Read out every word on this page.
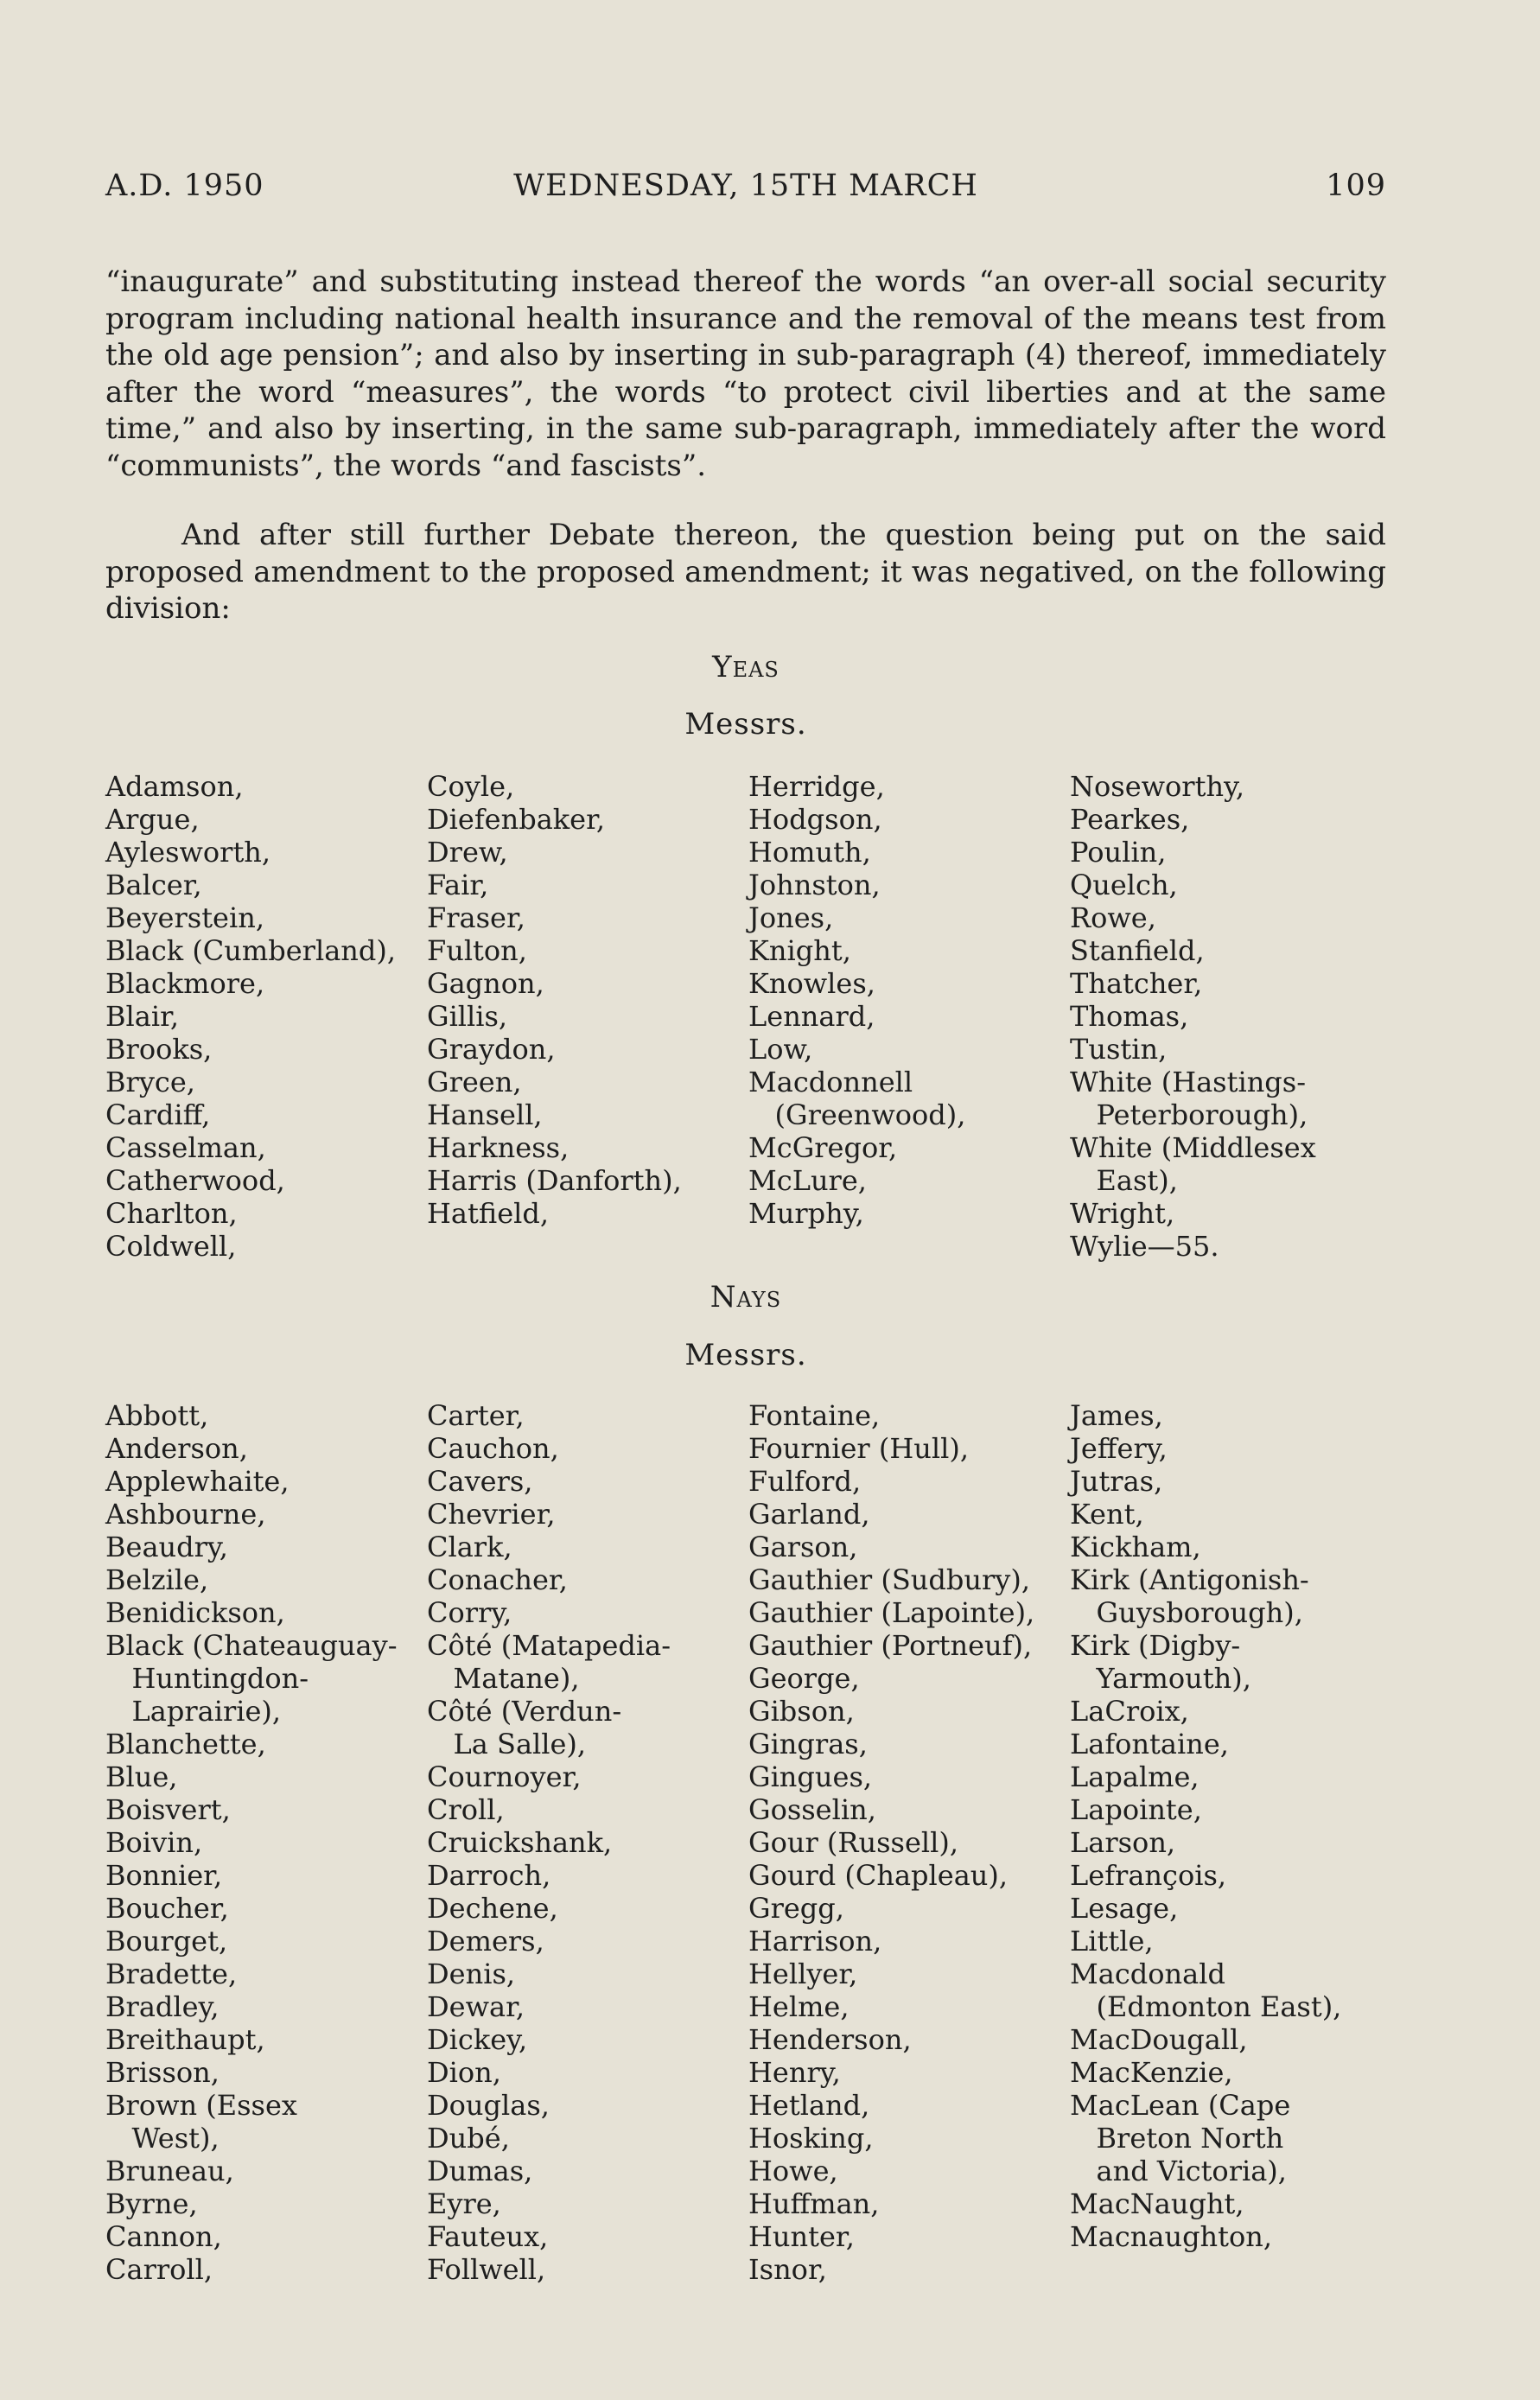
A.D. 1950	WEDNESDAY, 15TH MARCH	109

“inaugurate” and substituting instead thereof the words “an over-all social security program including national health insurance and the removal of the means test from the old age pension”; and also by inserting in sub-paragraph (4) thereof, immediately after the word “measures”, the words “to protect civil liberties and at the same time,” and also by inserting, in the same sub-paragraph, immediately after the word “communists”, the words “and fascists”.

And after still further Debate thereon, the question being put on the said proposed amendment to the proposed amendment; it was negatived, on the following division:

Yeas

Messrs.

Adamson,

Argue,

Aylesworth,

Balcer,

Beyerstein,

Black (Cumberland),

Blackmore,

Blair,

Brooks,

Bryce,

Cardiff,

Casselman,

Catherwood,

Charlton,

Coldwell,

Coyle,

Diefenbaker,

Drew,

Fair,

Fraser,

Fulton,

Gagnon,

Gillis,

Graydon,

Green,

Hansell,

Harkness,

Harris (Danforth),

Hatfield,

Herridge,

Hodgson,

Homuth,

Johnston,

Jones,

Knight,

Knowles,

Lennard,

Low,

Macdonnell

(Greenwood),

McGregor,

McLure,

Murphy,

Noseworthy,

Pearkes,

Poulin,

Quelch,

Rowe,

Stanfield,

Thatcher,

Thomas,

Tustin,

White (Hastings-

Peterborough),

White (Middlesex

East),

Wright,

Wylie—55.

Nays

Messrs.

Abbott,

Anderson,

Applewhaite,

Ashbourne,

Beaudry,

Belzile,

Benidickson,

Black (Chateauguay-

Huntingdon-

Laprairie),

Blanchette,

Blue,

Boisvert,

Boivin,

Bonnier,

Boucher,

Bourget,

Bradette,

Bradley,

Breithaupt,

Brisson,

Brown (Essex

West),

Bruneau,

Byrne,

Cannon,

Carroll,

Carter,

Cauchon,

Cavers,

Chevrier,

Clark,

Conacher,

Corry,

Côté (Matapedia-

Matane),

Côté (Verdun-

La Salle),

Cournoyer,

Croll,

Cruickshank,

Darroch,

Dechene,

Demers,

Denis,

Dewar,

Dickey,

Dion,

Douglas,

Dubé,

Dumas,

Eyre,

Fauteux,

Follwell,

Fontaine,

Fournier (Hull),

Fulford,

Garland,

Garson,

Gauthier (Sudbury),

Gauthier (Lapointe),

Gauthier (Portneuf),

George,

Gibson,

Gingras,

Gingues,

Gosselin,

Gour (Russell),

Gourd (Chapleau),

Gregg,

Harrison,

Hellyer,

Helme,

Henderson,

Henry,

Hetland,

Hosking,

Howe,

Huffman,

Hunter,

Isnor,

James,

Jeffery,

Jutras,

Kent,

Kickham,

Kirk (Antigonish-

Guysborough),

Kirk (Digby-

Yarmouth),

LaCroix,

Lafontaine,

Lapalme,

Lapointe,

Larson,

Lefrançois,

Lesage,

Little,

Macdonald

(Edmonton East),

MacDougall,

MacKenzie,

MacLean (Cape

Breton North

and Victoria),

MacNaught,

Macnaughton,
